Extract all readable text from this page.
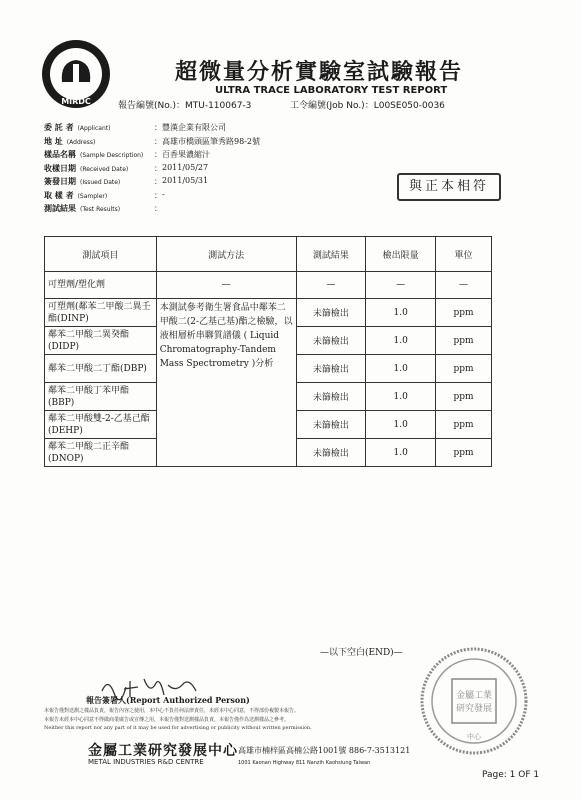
MIRDC
超微量分析實驗室試驗報告
ULTRA TRACE LABORATORY TEST REPORT
報告編號(No.)：MTU-110067-3	工令編號(Job No.)：L00SE050-0036
委 託 者 (Applicant)	： 豐漢企業有限公司
地 址 (Address)	： 高雄市橋頭區筆秀路98-2號
樣品名稱 (Sample Description) ： 百香果濃縮汁
收樣日期 (Received Date)	： 2011/05/27
簽發日期 (Issued Date)	： 2011/05/31
取 樣 者 (Sampler)	： -
測試結果 (Test Results)	：
與正本相符
測試項目	測試方法	測試結果	檢出限量	單位
可塑劑/塑化劑	—	—	—	—
可塑劑(鄰苯二甲酸二異壬酯(DINP)	本測試參考衛生署食品中鄰苯二甲酸二(2-乙基己基)酯之檢驗，以液相層析串聯質譜儀 ( Liquid Chromatography-Tandem Mass Spectrometry )分析	未篩檢出	1.0	ppm
鄰苯二甲酸二異癸酯(DIDP)		未篩檢出	1.0	ppm
鄰苯二甲酸二丁酯(DBP)		未篩檢出	1.0	ppm
鄰苯二甲酸丁苯甲酯(BBP)		未篩檢出	1.0	ppm
鄰苯二甲酸雙-2-乙基己酯(DEHP)		未篩檢出	1.0	ppm
鄰苯二甲酸二正辛酯(DNOP)		未篩檢出	1.0	ppm
—以下空白(END)—
金屬工業
研究發展
中心
報告簽署人(Report Authorized Person)
本報告僅對送測之樣品負責，報告內容之使用，本中心不負任何法律責任，未經本中心同意，不得部份複製本報告。
本報告未經本中心同意不得做商業廣告或宣傳之用，本報告僅對送測樣品負責，本報告僅作為送測樣品之參考。
Neither this report nor any part of it may be used for advertising or publicity without written permission.
金屬工業研究發展中心
METAL INDUSTRIES R&D CENTRE
高雄市楠梓區高楠公路1001號 886-7-3513121
1001 Kaonan Highway 811 Nanzih Kaohsiung Taiwan
Page: 1 OF 1
